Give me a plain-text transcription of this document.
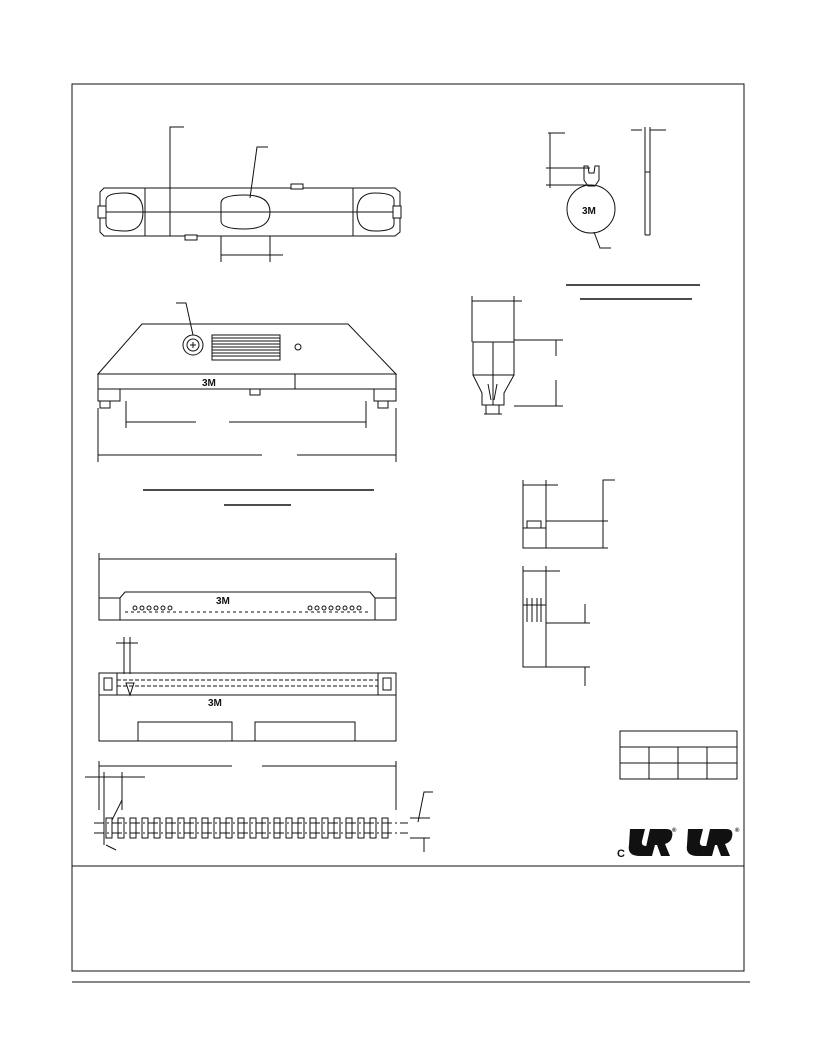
3M
3M
3M
3M
C
®	®
